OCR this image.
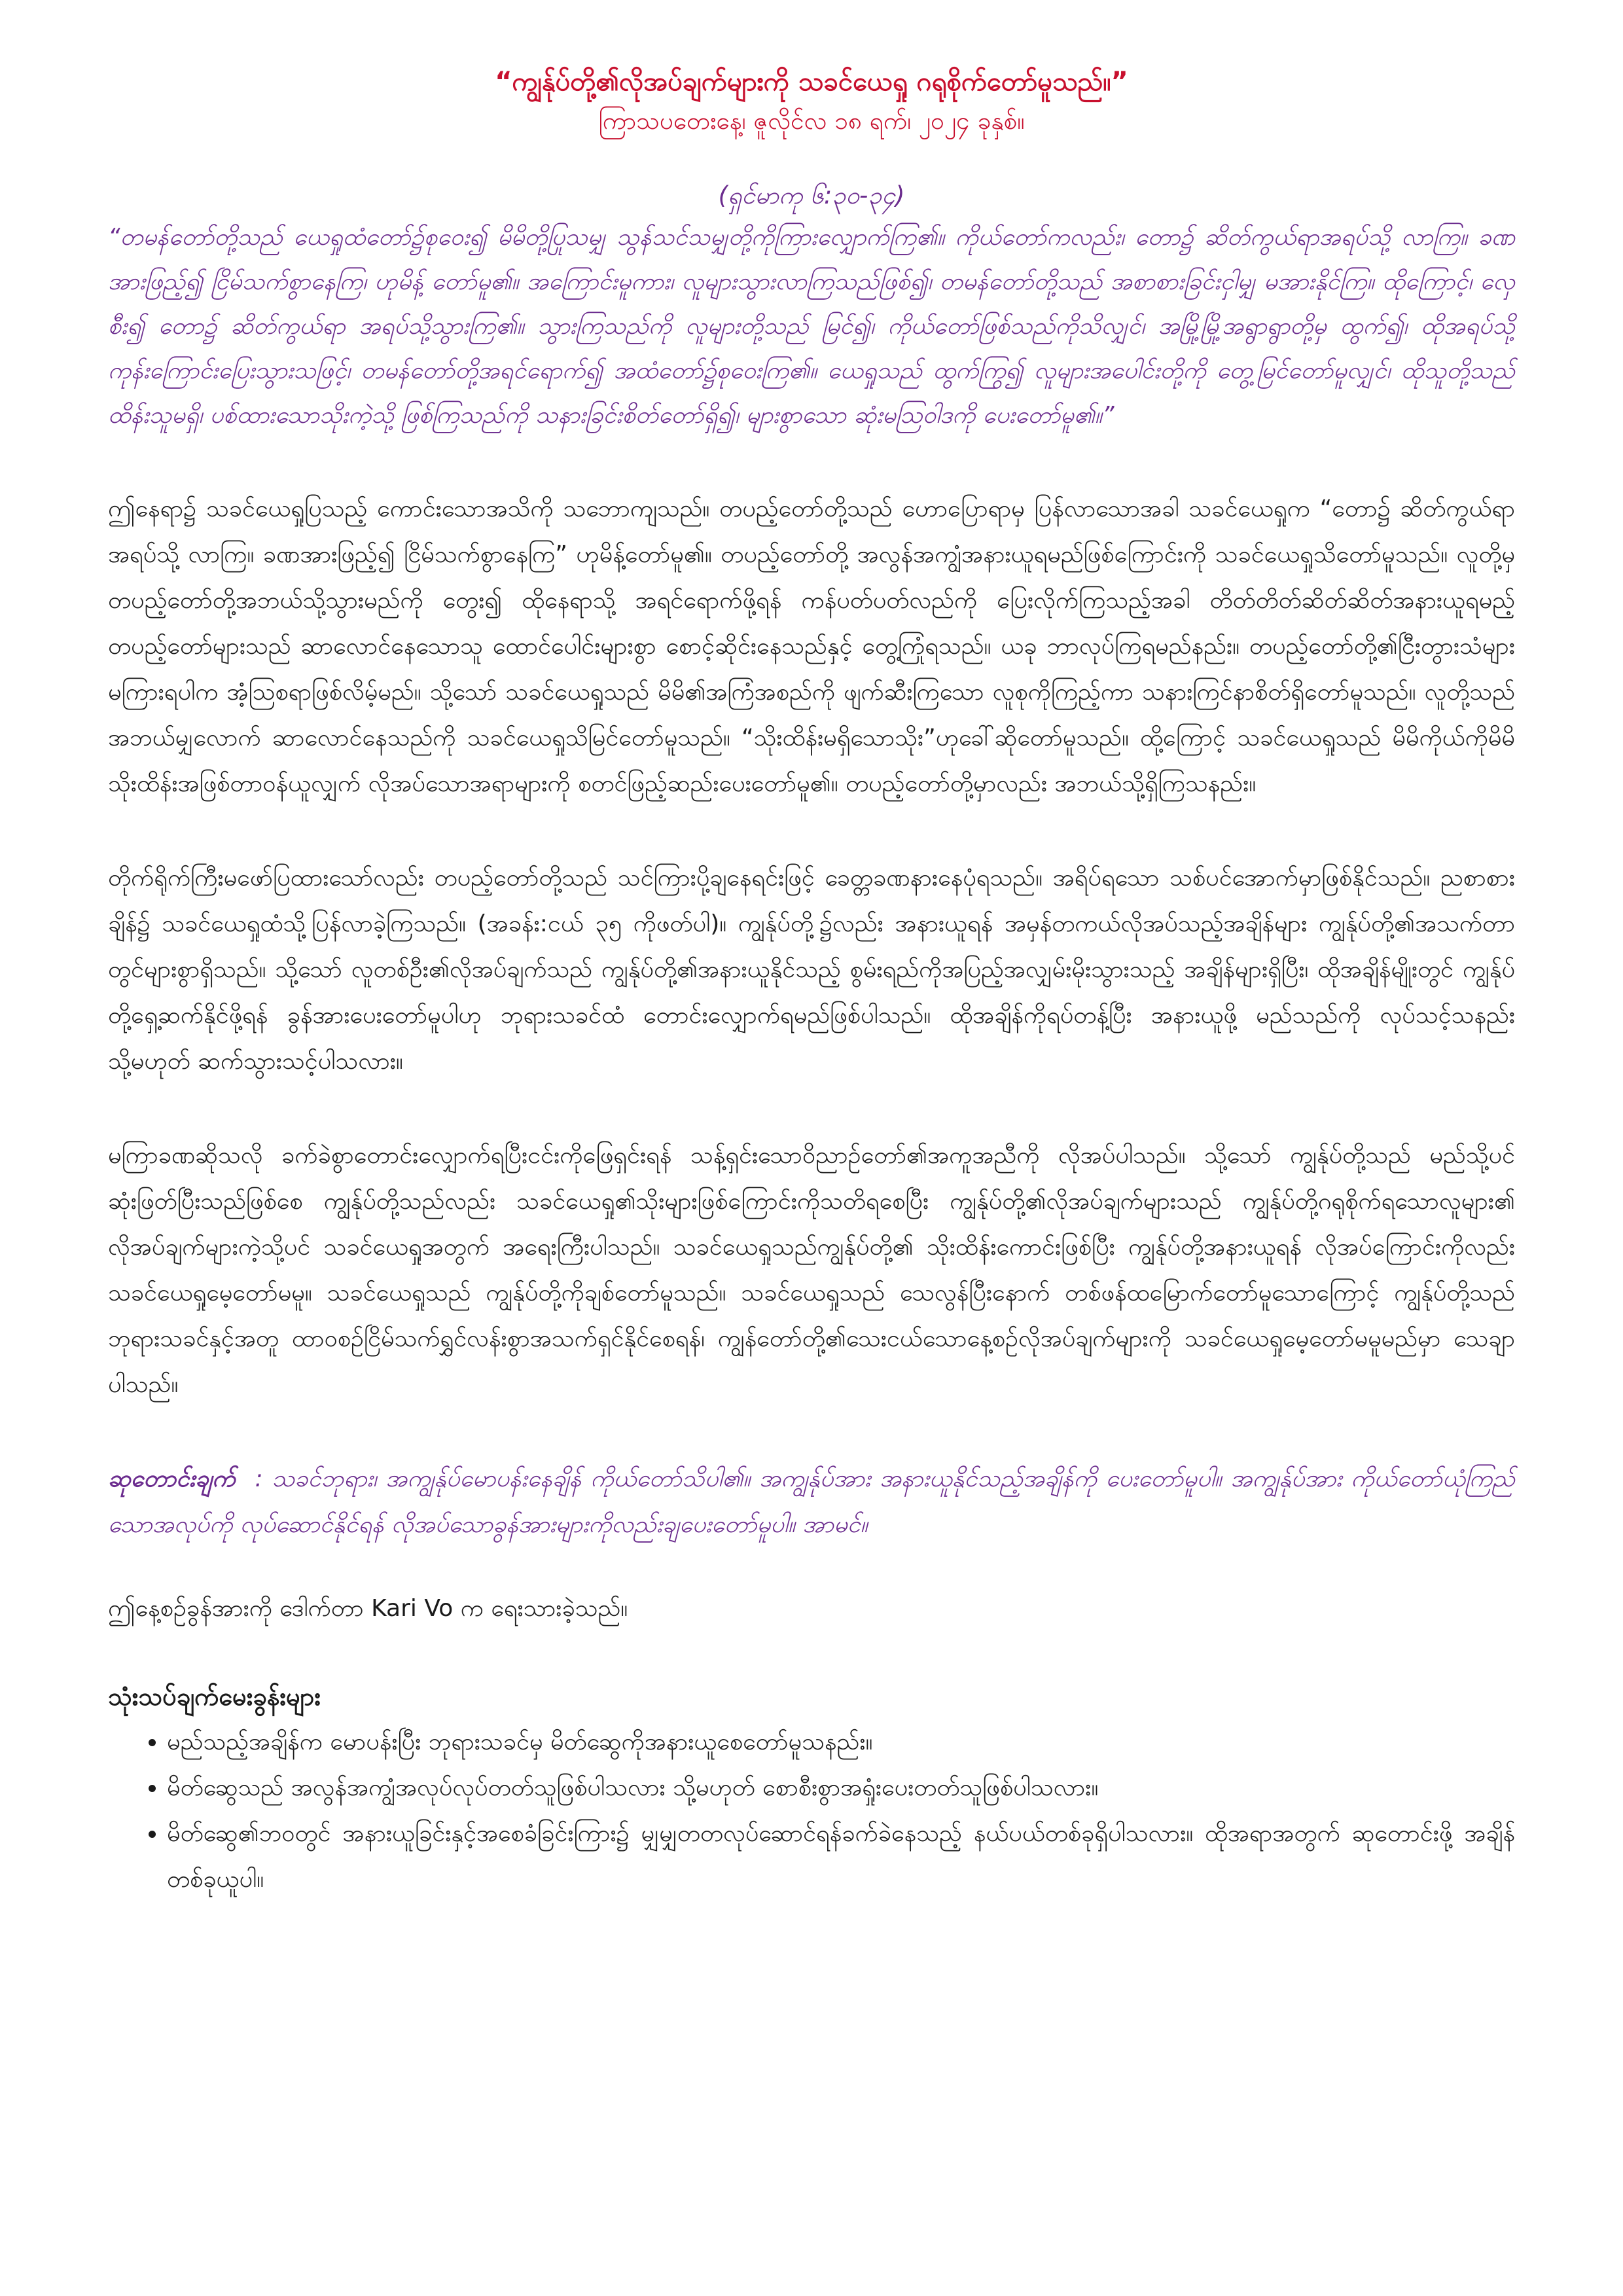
“ကျွန်ုပ်တို့၏လိုအပ်ချက်များကို သခင်ယေရှု ဂရုစိုက်တော်မူသည်။”

ကြာသပတေးနေ့၊ ဇူလိုင်လ ၁၈ ရက်၊ ၂၀၂၄ ခုနှစ်။

(ရှင်မာကု ၆:၃၀-၃၄)

“တမန်တော်တို့သည် ယေရှုထံတော်၌စုဝေး၍ မိမိတို့ပြုသမျှ သွန်သင်သမျှတို့ကိုကြားလျှောက်ကြ၏။ ကိုယ်တော်ကလည်း၊ တော၌ ဆိတ်ကွယ်ရာအရပ်သို့ လာကြ။ ခဏအားဖြည့်၍ ငြိမ်သက်စွာနေကြ၊ ဟုမိန့် တော်မူ၏။ အကြောင်းမူကား၊ လူများသွားလာကြသည်ဖြစ်၍၊ တမန်တော်တို့သည် အစာစားခြင်းငှါမျှ မအားနိုင်ကြ။ ထိုကြောင့်၊ လှေစီး၍ တော၌ ဆိတ်ကွယ်ရာ အရပ်သို့သွားကြ၏။ သွားကြသည်ကို လူများတို့သည် မြင်၍၊ ကိုယ်တော်ဖြစ်သည်ကိုသိလျှင်၊ အမြို့မြို့အရွာရွာတို့မှ ထွက်၍၊ ထိုအရပ်သို့ ကုန်းကြောင်းပြေးသွားသဖြင့်၊ တမန်တော်တို့အရင်ရောက်၍ အထံတော်၌စုဝေးကြ၏။ ယေရှုသည် ထွက်ကြွ၍ လူများအပေါင်းတို့ကို တွေ့မြင်တော်မူလျှင်၊ ထိုသူတို့သည် ထိန်းသူမရှိ၊ ပစ်ထားသောသိုးကဲ့သို့ ဖြစ်ကြသည်ကို သနားခြင်းစိတ်တော်ရှိ၍၊ များစွာသော ဆုံးမဩဝါဒကို ပေးတော်မူ၏။”

ဤနေရာ၌ သခင်ယေရှုပြသည့် ကောင်းသောအသိကို သဘောကျသည်။ တပည့်တော်တို့သည် ဟောပြောရာမှ ပြန်လာသောအခါ သခင်ယေရှုက “တော၌ ဆိတ်ကွယ်ရာအရပ်သို့ လာကြ။ ခဏအားဖြည့်၍ ငြိမ်သက်စွာနေကြ” ဟုမိန့်တော်မူ၏။ တပည့်တော်တို့ အလွန်အကျွံအနားယူရမည်ဖြစ်ကြောင်းကို သခင်ယေရှုသိတော်မူသည်။ လူတို့မှ တပည့်တော်တို့အဘယ်သို့သွားမည်ကို တွေး၍ ထိုနေရာသို့ အရင်ရောက်ဖို့ရန် ကန်ပတ်ပတ်လည်ကို ပြေးလိုက်ကြသည့်အခါ တိတ်တိတ်ဆိတ်ဆိတ်အနားယူရမည့် တပည့်တော်များသည် ဆာလောင်နေသောသူ ထောင်ပေါင်းများစွာ စောင့်ဆိုင်းနေသည်နှင့် တွေ့ကြုံရသည်။ ယခု ဘာလုပ်ကြရမည်နည်း။ တပည့်တော်တို့၏ငြီးတွားသံများ မကြားရပါက အံ့ဩစရာဖြစ်လိမ့်မည်။ သို့သော် သခင်ယေရှုသည် မိမိ၏အကြံအစည်ကို ဖျက်ဆီးကြသော လူစုကိုကြည့်ကာ သနားကြင်နာစိတ်ရှိတော်မူသည်။ လူတို့သည်အဘယ်မျှလောက် ဆာလောင်နေသည်ကို သခင်ယေရှုသိမြင်တော်မူသည်။ “သိုးထိန်းမရှိသောသိုး”ဟုခေါ်ဆိုတော်မူသည်။ ထို့ကြောင့် သခင်ယေရှုသည် မိမိကိုယ်ကိုမိမိ သိုးထိန်းအဖြစ်တာဝန်ယူလျှက် လိုအပ်သောအရာများကို စတင်ဖြည့်ဆည်းပေးတော်မူ၏။ တပည့်တော်တို့မှာလည်း အဘယ်သို့ရှိကြသနည်း။

တိုက်ရိုက်ကြီးမဖော်ပြထားသော်လည်း တပည့်တော်တို့သည် သင်ကြားပို့ချနေရင်းဖြင့် ခေတ္တခဏနားနေပုံရသည်။ အရိပ်ရသော သစ်ပင်အောက်မှာဖြစ်နိုင်သည်။ ညစာစားချိန်၌ သခင်ယေရှုထံသို့ပြန်လာခဲ့ကြသည်။ (အခန်း:ငယ် ၃၅ ကိုဖတ်ပါ)။ ကျွန်ုပ်တို့၌လည်း အနားယူရန် အမှန်တကယ်လိုအပ်သည့်အချိန်များ ကျွန်ုပ်တို့၏အသက်တာတွင်များစွာရှိသည်။ သို့သော် လူတစ်ဦး၏လိုအပ်ချက်သည် ကျွန်ုပ်တို့၏အနားယူနိုင်သည့် စွမ်းရည်ကိုအပြည့်အလျှမ်းမိုးသွားသည့် အချိန်များရှိပြီး၊ ထိုအချိန်မျိုးတွင် ကျွန်ုပ်တို့ရှေ့ဆက်နိုင်ဖို့ရန် ခွန်အားပေးတော်မူပါဟု ဘုရားသခင်ထံ တောင်းလျှောက်ရမည်ဖြစ်ပါသည်။ ထိုအချိန်ကိုရပ်တန့်ပြီး အနားယူဖို့ မည်သည်ကို လုပ်သင့်သနည်း သို့မဟုတ် ဆက်သွားသင့်ပါသလား။

မကြာခဏဆိုသလို ခက်ခဲစွာတောင်းလျှောက်ရပြီးငင်းကိုဖြေရှင်းရန် သန့်ရှင်းသောဝိညာဉ်တော်၏အကူအညီကို လိုအပ်ပါသည်။ သို့သော် ကျွန်ုပ်တို့သည် မည်သို့ပင်ဆုံးဖြတ်ပြီးသည်ဖြစ်စေ ကျွန်ုပ်တို့သည်လည်း သခင်ယေရှု၏သိုးများဖြစ်ကြောင်းကိုသတိရစေပြီး ကျွန်ုပ်တို့၏လိုအပ်ချက်များသည် ကျွန်ုပ်တို့ဂရုစိုက်ရသောလူများ၏ လိုအပ်ချက်များကဲ့သို့ပင် သခင်ယေရှုအတွက် အရေးကြီးပါသည်။ သခင်ယေရှုသည်ကျွန်ုပ်တို့၏ သိုးထိန်းကောင်းဖြစ်ပြီး ကျွန်ုပ်တို့အနားယူရန် လိုအပ်ကြောင်းကိုလည်း သခင်ယေရှုမေ့တော်မမူ။ သခင်ယေရှုသည် ကျွန်ုပ်တို့ကိုချစ်တော်မူသည်။ သခင်ယေရှုသည် သေလွန်ပြီးနောက် တစ်ဖန်ထမြောက်တော်မူသောကြောင့် ကျွန်ုပ်တို့သည် ဘုရားသခင်နှင့်အတူ ထာဝစဉ်ငြိမ်သက်ရွှင်လန်းစွာအသက်ရှင်နိုင်စေရန်၊ ကျွန်တော်တို့၏သေးငယ်သောနေ့စဉ်လိုအပ်ချက်များကို သခင်ယေရှုမေ့တော်မမူမည်မှာ သေချာပါသည်။

ဆုတောင်းချက် : သခင်ဘုရား၊ အကျွန်ုပ်မောပန်းနေချိန် ကိုယ်တော်သိပါ၏။ အကျွန်ုပ်အား အနားယူနိုင်သည့်အချိန်ကို ပေးတော်မူပါ။ အကျွန်ုပ်အား ကိုယ်တော်ယုံကြည်သောအလုပ်ကို လုပ်ဆောင်နိုင်ရန် လိုအပ်သောခွန်အားများကိုလည်းချပေးတော်မူပါ။ အာမင်။

ဤနေ့စဉ်ခွန်အားကို ဒေါက်တာ Kari Vo က ရေးသားခဲ့သည်။

သုံးသပ်ချက်မေးခွန်းများ

• မည်သည့်အချိန်က မောပန်းပြီး ဘုရားသခင်မှ မိတ်ဆွေကိုအနားယူစေတော်မူသနည်း။
• မိတ်ဆွေသည် အလွန်အကျွံအလုပ်လုပ်တတ်သူဖြစ်ပါသလား သို့မဟုတ် စောစီးစွာအရှုံးပေးတတ်သူဖြစ်ပါသလား။
• မိတ်ဆွေ၏ဘဝတွင် အနားယူခြင်းနှင့်အစေခံခြင်းကြား၌ မျှမျှတတလုပ်ဆောင်ရန်ခက်ခဲနေသည့် နယ်ပယ်တစ်ခုရှိပါသလား။ ထိုအရာအတွက် ဆုတောင်းဖို့ အချိန်တစ်ခုယူပါ။
